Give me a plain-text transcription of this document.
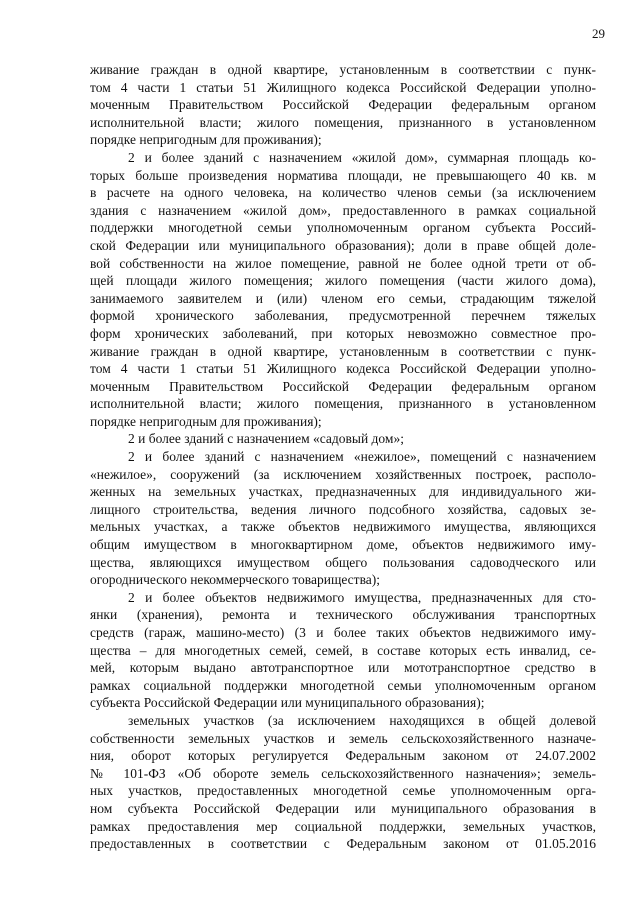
29
живание граждан в одной квартире, установленным в соответствии с пунк-
том 4 части 1 статьи 51 Жилищного кодекса Российской Федерации уполно-
моченным Правительством Российской Федерации федеральным органом
исполнительной власти; жилого помещения, признанного в установленном
порядке непригодным для проживания);
2 и более зданий с назначением «жилой дом», суммарная площадь ко-
торых больше произведения норматива площади, не превышающего 40 кв. м
в расчете на одного человека, на количество членов семьи (за исключением
здания с назначением «жилой дом», предоставленного в рамках социальной
поддержки многодетной семьи уполномоченным органом субъекта Россий-
ской Федерации или муниципального образования); доли в праве общей доле-
вой собственности на жилое помещение, равной не более одной трети от об-
щей площади жилого помещения; жилого помещения (части жилого дома),
занимаемого заявителем и (или) членом его семьи, страдающим тяжелой
формой хронического заболевания, предусмотренной перечнем тяжелых
форм хронических заболеваний, при которых невозможно совместное про-
живание граждан в одной квартире, установленным в соответствии с пунк-
том 4 части 1 статьи 51 Жилищного кодекса Российской Федерации уполно-
моченным Правительством Российской Федерации федеральным органом
исполнительной власти; жилого помещения, признанного в установленном
порядке непригодным для проживания);
2 и более зданий с назначением «садовый дом»;
2 и более зданий с назначением «нежилое», помещений с назначением
«нежилое», сооружений (за исключением хозяйственных построек, располо-
женных на земельных участках, предназначенных для индивидуального жи-
лищного строительства, ведения личного подсобного хозяйства, садовых зе-
мельных участках, а также объектов недвижимого имущества, являющихся
общим имуществом в многоквартирном доме, объектов недвижимого иму-
щества, являющихся имуществом общего пользования садоводческого или
огороднического некоммерческого товарищества);
2 и более объектов недвижимого имущества, предназначенных для сто-
янки (хранения), ремонта и технического обслуживания транспортных
средств (гараж, машино-место) (3 и более таких объектов недвижимого иму-
щества – для многодетных семей, семей, в составе которых есть инвалид, се-
мей, которым выдано автотранспортное или мототранспортное средство в
рамках социальной поддержки многодетной семьи уполномоченным органом
субъекта Российской Федерации или муниципального образования);
земельных участков (за исключением находящихся в общей долевой
собственности земельных участков и земель сельскохозяйственного назначе-
ния, оборот которых регулируется Федеральным законом от 24.07.2002
№ 101-ФЗ «Об обороте земель сельскохозяйственного назначения»; земель-
ных участков, предоставленных многодетной семье уполномоченным орга-
ном субъекта Российской Федерации или муниципального образования в
рамках предоставления мер социальной поддержки, земельных участков,
предоставленных в соответствии с Федеральным законом от 01.05.2016
